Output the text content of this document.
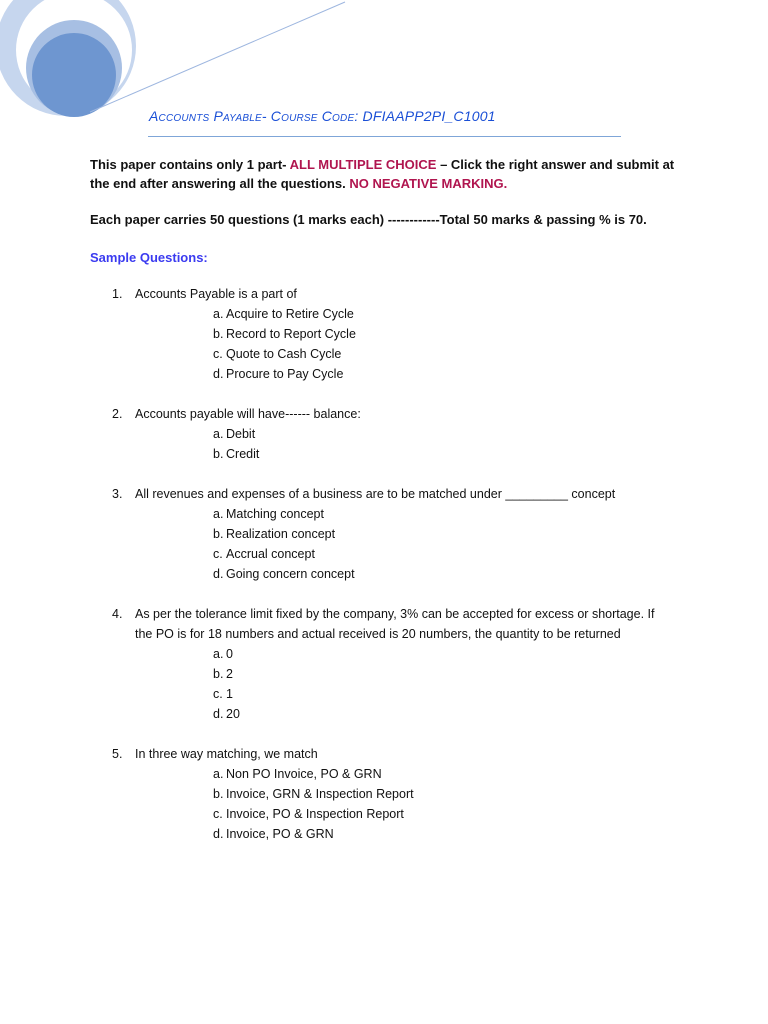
Accounts Payable- Course Code: DFIAAPP2PI_C1001
This paper contains only 1 part- ALL MULTIPLE CHOICE – Click the right answer and submit at the end after answering all the questions. NO NEGATIVE MARKING.
Each paper carries 50 questions (1 marks each) ------------Total 50 marks & passing % is 70.
Sample Questions:
1.	Accounts Payable is a part of
a. Acquire to Retire Cycle
b. Record to Report Cycle
c. Quote to Cash Cycle
d. Procure to Pay Cycle
2.	Accounts payable will have------ balance:
a. Debit
b. Credit
3.	All revenues and expenses of a business are to be matched under _________ concept
a. Matching concept
b. Realization concept
c. Accrual concept
d. Going concern concept
4.	As per the tolerance limit fixed by the company, 3% can be accepted for excess or shortage. If the PO is for 18 numbers and actual received is 20 numbers, the quantity to be returned
a. 0
b. 2
c. 1
d. 20
5.	In three way matching, we match
a. Non PO Invoice, PO & GRN
b. Invoice, GRN & Inspection Report
c. Invoice, PO & Inspection Report
d. Invoice, PO & GRN
